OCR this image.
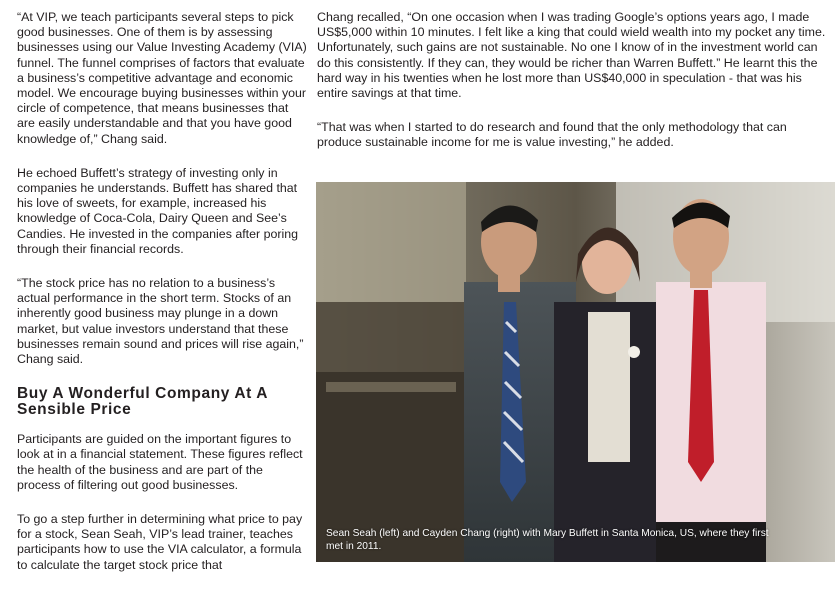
“At VIP, we teach participants several steps to pick good businesses. One of them is by assessing businesses using our Value Investing Academy (VIA) funnel. The funnel comprises of factors that evaluate a business’s competitive advantage and economic model. We encourage buying businesses within your circle of competence, that means businesses that are easily understandable and that you have good knowledge of,” Chang said.

He echoed Buffett’s strategy of investing only in companies he understands. Buffett has shared that his love of sweets, for example, increased his knowledge of Coca-Cola, Dairy Queen and See’s Candies. He invested in the companies after poring through their financial records.

“The stock price has no relation to a business’s actual performance in the short term. Stocks of an inherently good business may plunge in a down market, but value investors understand that these businesses remain sound and prices will rise again,” Chang said.

Buy A Wonderful Company At A Sensible Price

Participants are guided on the important figures to look at in a financial statement. These figures reflect the health of the business and are part of the process of filtering out good businesses.

To go a step further in determining what price to pay for a stock, Sean Seah, VIP’s lead trainer, teaches participants how to use the VIA calculator, a formula to calculate the target stock price that

Chang recalled, “On one occasion when I was trading Google’s options years ago, I made US$5,000 within 10 minutes. I felt like a king that could wield wealth into my pocket any time. Unfortunately, such gains are not sustainable. No one I know of in the investment world can do this consistently. If they can, they would be richer than Warren Buffett.” He learnt this the hard way in his twenties when he lost more than US$40,000 in speculation - that was his entire savings at that time.

“That was when I started to do research and found that the only methodology that can produce sustainable income for me is value investing,” he added.

Sean Seah (left) and Cayden Chang (right) with Mary Buffett in Santa Monica, US, where they first met in 2011.
